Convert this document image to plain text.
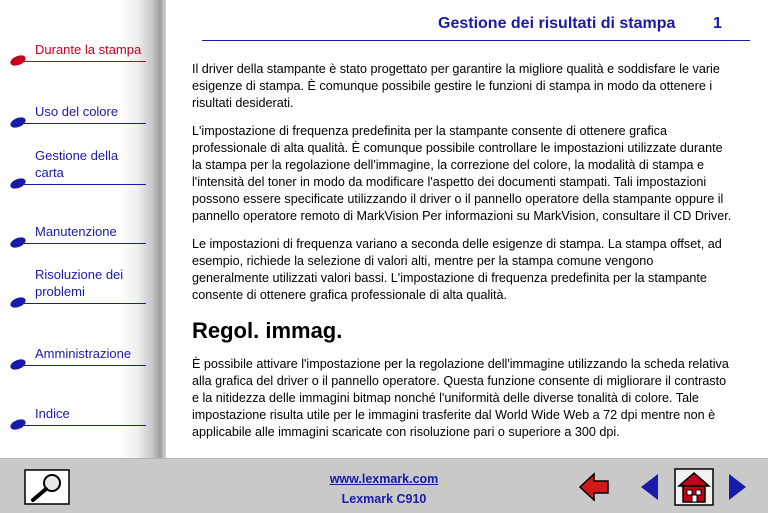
Durante la stampa
Uso del colore
Gestione della
carta
Manutenzione
Risoluzione dei
problemi
Amministrazione
Indice
Gestione dei risultati di stampa 1

Il driver della stampante è stato progettato per garantire la migliore qualità e soddisfare le varie esigenze di stampa. È comunque possibile gestire le funzioni di stampa in modo da ottenere i risultati desiderati.

L'impostazione di frequenza predefinita per la stampante consente di ottenere grafica professionale di alta qualità. È comunque possibile controllare le impostazioni utilizzate durante la stampa per la regolazione dell'immagine, la correzione del colore, la modalità di stampa e l'intensità del toner in modo da modificare l'aspetto dei documenti stampati. Tali impostazioni possono essere specificate utilizzando il driver o il pannello operatore della stampante oppure il pannello operatore remoto di MarkVision Per informazioni su MarkVision, consultare il CD Driver.

Le impostazioni di frequenza variano a seconda delle esigenze di stampa. La stampa offset, ad esempio, richiede la selezione di valori alti, mentre per la stampa comune vengono generalmente utilizzati valori bassi. L'impostazione di frequenza predefinita per la stampante consente di ottenere grafica professionale di alta qualità.

Regol. immag.

È possibile attivare l'impostazione per la regolazione dell'immagine utilizzando la scheda relativa alla grafica del driver o il pannello operatore. Questa funzione consente di migliorare il contrasto e la nitidezza delle immagini bitmap nonché l'uniformità delle diverse tonalità di colore. Tale impostazione risulta utile per le immagini trasferite dal World Wide Web a 72 dpi mentre non è applicabile alle immagini scaricate con risoluzione pari o superiore a 300 dpi.

www.lexmark.com
Lexmark C910
